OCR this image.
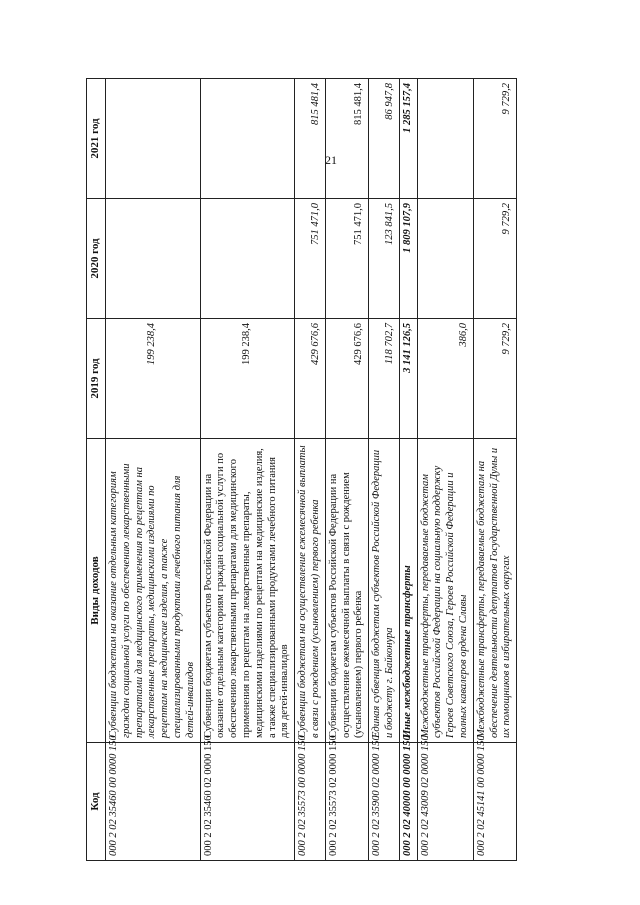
21
Код	Виды доходов	2019 год	2020 год	2021 год
000 2 02 35460 00 0000 150	Субвенции бюджетам на оказание отдельным категориям граждан социальной услуги по обеспечению лекарственными препаратами для медицинского применения по рецептам на лекарственные препараты, медицинскими изделиями по рецептам на медицинские изделия, а также специализированными продуктами лечебного питания для детей-инвалидов	199 238,4		
000 2 02 35460 02 0000 150	Субвенции бюджетам субъектов Российской Федерации на оказание отдельным категориям граждан социальной услуги по обеспечению лекарственными препаратами для медицинского применения по рецептам на лекарственные препараты, медицинскими изделиями по рецептам на медицинские изделия, а также специализированными продуктами лечебного питания для детей-инвалидов	199 238,4		
000 2 02 35573 00 0000 150	Субвенции бюджетам на осуществление ежемесячной выплаты в связи с рождением (усыновлением) первого ребенка	429 676,6	751 471,0	815 481,4
000 2 02 35573 02 0000 150	Субвенции бюджетам субъектов Российской Федерации на осуществление ежемесячной выплаты в связи с рождением (усыновлением) первого ребенка	429 676,6	751 471,0	815 481,4
000 2 02 35900 02 0000 150	Единая субвенция бюджетам субъектов Российской Федерации и бюджету г. Байконура	118 702,7	123 841,5	86 947,8
000 2 02 40000 00 0000 150	Иные межбюджетные трансферты	3 141 126,5	1 809 107,9	1 285 157,4
000 2 02 43009 02 0000 150	Межбюджетные трансферты, передаваемые бюджетам субъектов Российской Федерации на социальную поддержку Героев Советского Союза, Героев Российской Федерации и полных кавалеров ордена Славы	386,0		
000 2 02 45141 00 0000 150	Межбюджетные трансферты, передаваемые бюджетам на обеспечение деятельности депутатов Государственной Думы и их помощников в избирательных округах	9 729,2	9 729,2	9 729,2
